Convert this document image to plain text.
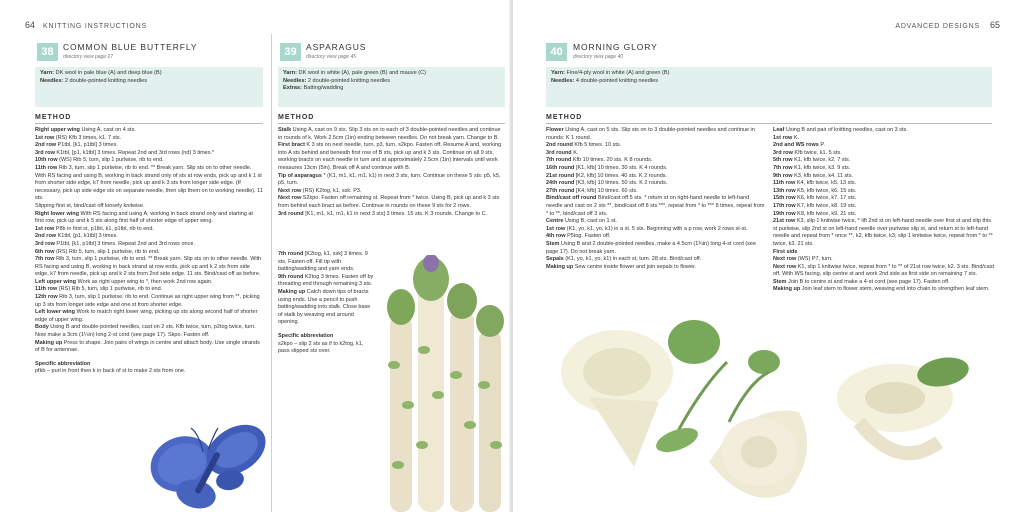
64 KNITTING INSTRUCTIONS
38	COMMON BLUE BUTTERFLY
directory view page 27
Yarn: DK wool in pale blue (A) and deep blue (B)
Needles: 2 double-pointed knitting needles
METHOD

Right upper wing Using A, cast on 4 sts.

1st row (RS) Kfb 3 times, k1. 7 sts.

2nd row P1tbl, [k1, p1tbl] 3 times.

3rd row K1tbl, [p1, k1tbl] 3 times. Repeat 2nd and 3rd rows (nd) 3 times.*

10th row (WS) Rib 5, turn, slip 1 purlwise, rib to end.

11th row Rib 3, turn, slip 1 purlwise, rib to end. ** Break yarn. Slip sts on to other needle. With RS facing and using B, working in back strand only of sts at row ends, pick up and k 1 st from shorter side edge, k7 from needle, pick up and k 3 sts from longer side edge. (If necessary, pick up side edge sts on separate needle, then slip them on to working needle). 11 sts.

Slipping first st, bind/cast off loosely knitwise.

Right lower wing With RS facing and using A, working in back strand only and starting at first row, pick up and k 5 sts along first half of shorter edge of upper wing.

1st row P8b in first st, p1tbl, k1, p1tbl, rib to end.

2nd row K1tbl, [p1, k1tbl] 3 times.

3rd row P1tbl, [k1, p1tbl] 3 times. Repeat 2nd and 3rd rows once.

6th row (RS) Rib 5, turn, slip 1 purlwise, rib to end.

7th row Rib 3, turn, slip 1 purlwise, rib to end. ** Break yarn. Slip sts on to other needle. With RS facing and using B, working in back strand at row ends, pick up and k 2 sts from side edge, k7 from needle, pick up and k 2 sts from 2nd side edge. 11 sts. Bind/cast off as before.

Left upper wing Work as right upper wing to *, then work 2nd row again.

11th row (RS) Rib 5, turn, slip 1 purlwise, rib to end.

12th row Rib 3, turn, slip 1 purlwise, rib to end. Continue as right upper wing from **, picking up 3 sts from longer side edge and one st from shorter edge.

Left lower wing Work to match right lower wing, picking up sts along second half of shorter edge of upper wing.

Body Using B and double-pointed needles, cast on 2 sts. Kfb twice, turn, p2tog twice, turn. Now make a 3cm (1¼in) long 2-st cord (see page 17). Skpo. Fasten off.

Making up Press to shape. Join pairs of wings in centre and attach body. Use single strands of B for antennae.

Specific abbreviation

pfkb – purl in front then k in back of st to make 2 sts from one.

39	ASPARAGUS
directory view page 45
Yarn: DK wool in white (A), pale green (B) and mauve (C)
Needles: 2 double-pointed knitting needles
Extras: Batting/wadding
METHOD

Stalk Using A, cast on 9 sts. Slip 3 sts on to each of 3 double-pointed needles and continue in rounds of k. Work 2.5cm (1in) ending between needles. Do not break yarn. Change to B.

First bract K 3 sts on next needle, turn, p3, turn, s2kpo. Fasten off. Resume A and, working into A sts behind and beneath first row of B sts, pick up and k 3 sts. Continue on all 9 sts, working bracts on each needle in turn and at approximately 2.5cm (1in) intervals until work measures 13cm (5in). Break off A and continue with B.

Tip of asparagus * (K1, m1, k1, m1, k1) in next 3 sts, turn. Continue on these 5 sts: p5, k5, p5, turn.

Next row (RS) K2tog, k1, ssk. P3.

Next row S2kpo. Fasten off remaining st. Repeat from * twice. Using B, pick up and k 3 sts from behind each bract as before. Continue in rounds on these 9 sts for 2 rows.

3rd round [K1, m1, k1, m1, k1 in next 3 sts] 3 times. 15 sts. K 3 rounds. Change to C.

7th round [K2tog, k1, ssk] 3 times. 9 sts. Fasten off. Fill tip with batting/wadding and yarn ends.

9th round K2tog 3 times. Fasten off by threading end through remaining 3 sts.

Making up Catch down tips of bracts using ends. Use a pencil to push batting/wadding into stalk. Close base of stalk by weaving end around opening.

Specific abbreviation

s2kpo – slip 2 sts as if to k2tog, k1, pass slipped sts over.

ADVANCED DESIGNS 65
40	MORNING GLORY
directory view page 40
Yarn: Fine/4-ply wool in white (A) and green (B)
Needles: 4 double-pointed knitting needles
METHOD

Flower Using A, cast on 5 sts. Slip sts on to 3 double-pointed needles and continue in rounds: K 1 round.

2nd round Kfb 5 times. 10 sts.

3rd round K.

7th round Kfb 10 times. 20 sts. K 8 rounds.

16th round [K1, kfb] 10 times. 30 sts. K 4 rounds.

21st round [K2, kfb] 10 times. 40 sts. K 2 rounds.

24th round [K3, kfb] 10 times. 50 sts. K 2 rounds.

27th round [K4, kfb] 10 times. 60 sts.

Bind/cast off round Bind/cast off 5 sts. * return st on right-hand needle to left-hand needle and cast on 2 sts **, bind/cast off 8 sts ***, repeat from * to *** 8 times, repeat from * to **, bind/cast off 3 sts.

Centre Using B, cast on 1 st.

1st row (K1, yo, k1, yo, k1) in a st. 5 sts. Beginning with a p row, work 2 rows st-st.

4th row P5tog. Fasten off.

Stem Using B and 2 double-pointed needles, make a 4.5cm (1¾in) long 4-st cord (see page 17). Do not break yarn.

Sepals (K1, yo, k1, yo, k1) in each st, turn. 28 sts. Bind/cast off.

Making up Sew centre inside flower and join sepals to flower.

Leaf Using B and pair of knitting needles, cast on 3 sts.

1st row K.

2nd and WS rows P.

3rd row Kfb twice, k1. 5 sts.

5th row K1, kfb twice, k2. 7 sts.

7th row K1, kfb twice, k3. 9 sts.

9th row K3, kfb twice, k4. 11 sts.

11th row K4, kfb twice, k5. 13 sts.

13th row K5, kfb twice, k6. 15 sts.

15th row K6, kfb twice, k7. 17 sts.

17th row K7, kfb twice, k8. 19 sts.

19th row K8, kfb twice, k9. 21 sts.

21st row K3, slip 1 knitwise twice, * lift 2nd st on left-hand needle over first st and slip this st purlwise, slip 2nd st on left-hand needle over purlwise slip st, and return st to left-hand needle and repeat from * once **, k2, kfb twice, k3; slip 1 knitwise twice, repeat from * to ** twice, k3. 21 sts.

First side

Next row (WS) P7, turn.

Next row K1, slip 1 knitwise twice, repeat from * to ** of 21st row twice, k2. 3 sts. Bind/cast off. With WS facing, slip centre st and work 2nd side as first side on remaining 7 sts.

Stem Join B to centre st and make a 4-st cord (see page 17). Fasten off.

Making up Join leaf stem to flower stem, weaving end into chain to strengthen leaf stem.
